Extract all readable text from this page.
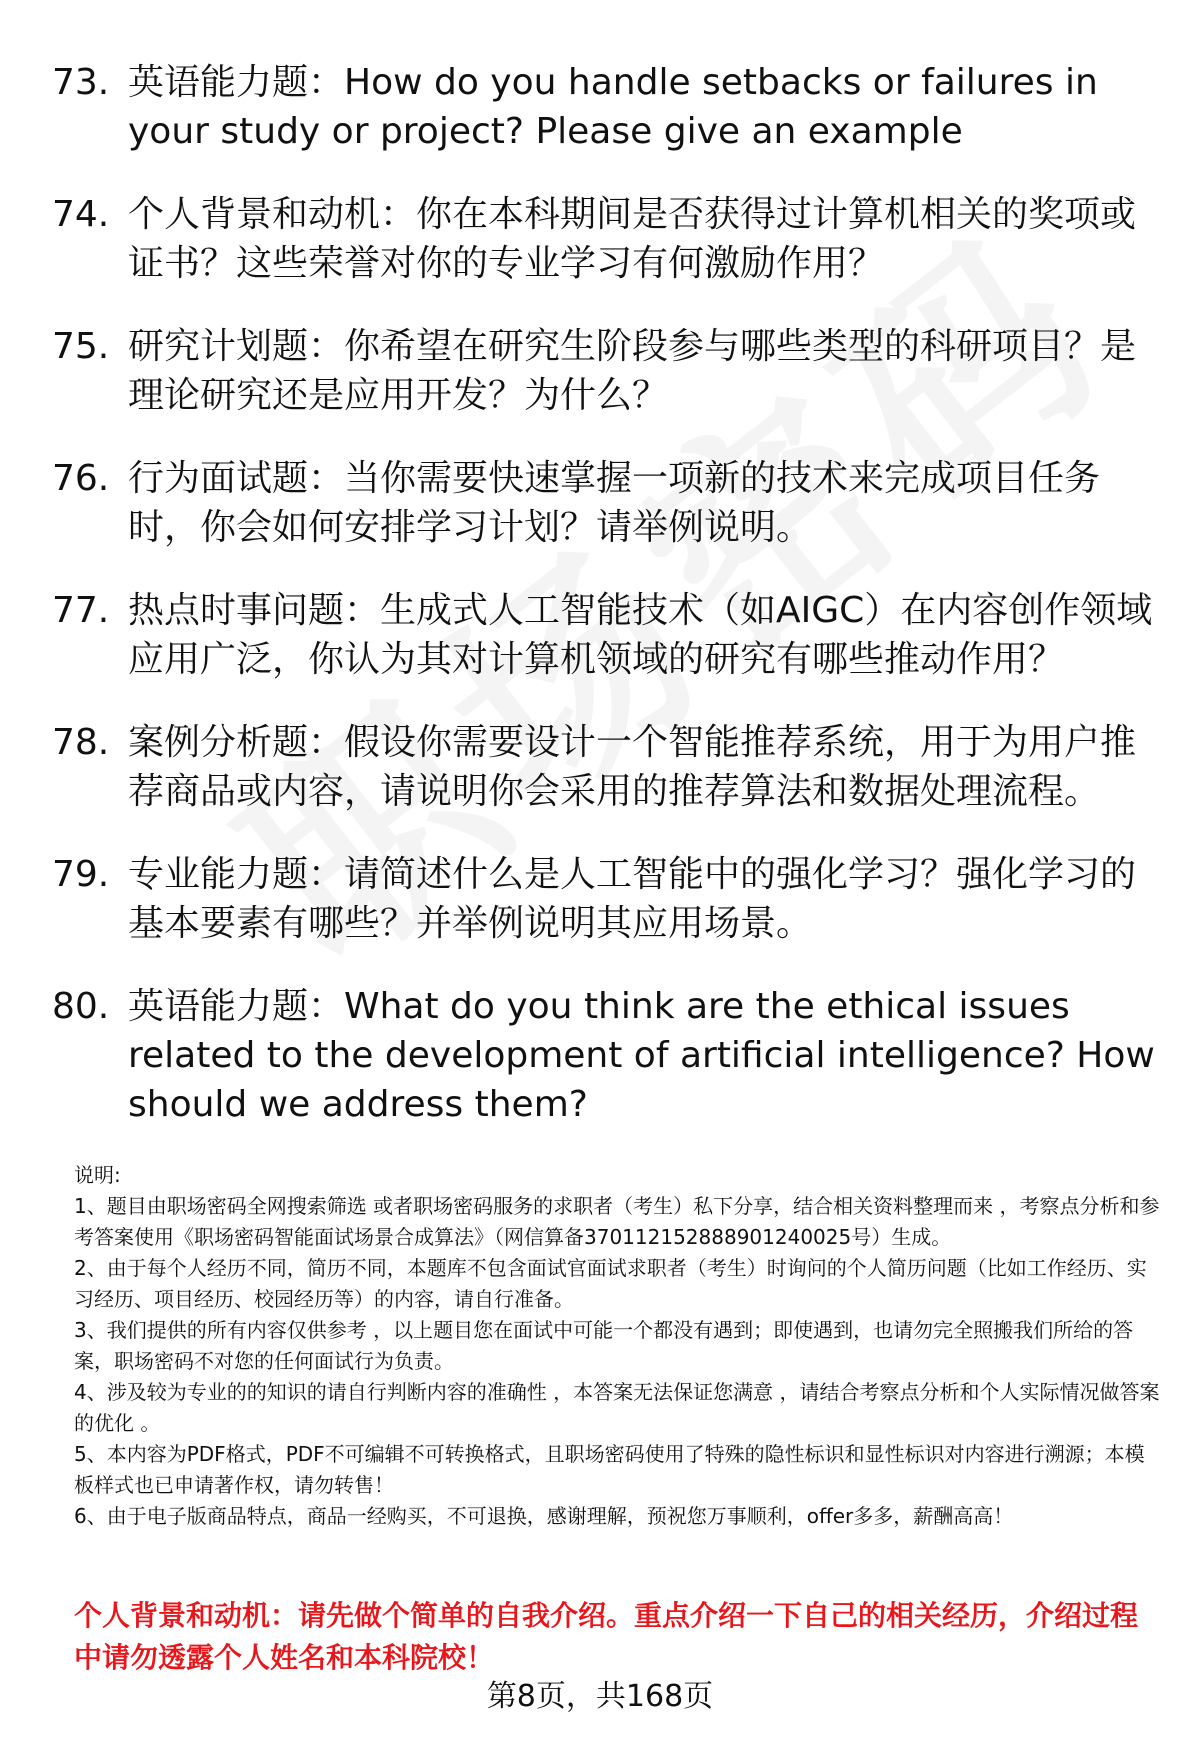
73. 英语能力题：How do you handle setbacks or failures in your study or project? Please give an example
74. 个人背景和动机：你在本科期间是否获得过计算机相关的奖项或证书？这些荣誉对你的专业学习有何激励作用？
75. 研究计划题：你希望在研究生阶段参与哪些类型的科研项目？是理论研究还是应用开发？为什么？
76. 行为面试题：当你需要快速掌握一项新的技术来完成项目任务时，你会如何安排学习计划？请举例说明。
77. 热点时事问题：生成式人工智能技术（如AIGC）在内容创作领域应用广泛，你认为其对计算机领域的研究有哪些推动作用？
78. 案例分析题：假设你需要设计一个智能推荐系统，用于为用户推荐商品或内容，请说明你会采用的推荐算法和数据处理流程。
79. 专业能力题：请简述什么是人工智能中的强化学习？强化学习的基本要素有哪些？并举例说明其应用场景。
80. 英语能力题：What do you think are the ethical issues related to the development of artificial intelligence? How should we address them?

说明:

1、题目由职场密码全网搜索筛选 或者职场密码服务的求职者（考生）私下分享，结合相关资料整理而来 ，考察点分析和参考答案使用《职场密码智能面试场景合成算法》（网信算备370112152888901240025号）生成。

2、由于每个人经历不同，简历不同，本题库不包含面试官面试求职者（考生）时询问的个人简历问题（比如工作经历、实习经历、项目经历、校园经历等）的内容，请自行准备。

3、我们提供的所有内容仅供参考 ，以上题目您在面试中可能一个都没有遇到；即使遇到，也请勿完全照搬我们所给的答案，职场密码不对您的任何面试行为负责。

4、涉及较为专业的的知识的请自行判断内容的准确性 ，本答案无法保证您满意 ，请结合考察点分析和个人实际情况做答案的优化 。

5、本内容为PDF格式，PDF不可编辑不可转换格式，且职场密码使用了特殊的隐性标识和显性标识对内容进行溯源；本模板样式也已申请著作权，请勿转售！

6、由于电子版商品特点，商品一经购买，不可退换，感谢理解，预祝您万事顺利，offer多多，薪酬高高！

个人背景和动机：请先做个简单的自我介绍。重点介绍一下自己的相关经历，介绍过程中请勿透露个人姓名和本科院校！
第8页，共168页
